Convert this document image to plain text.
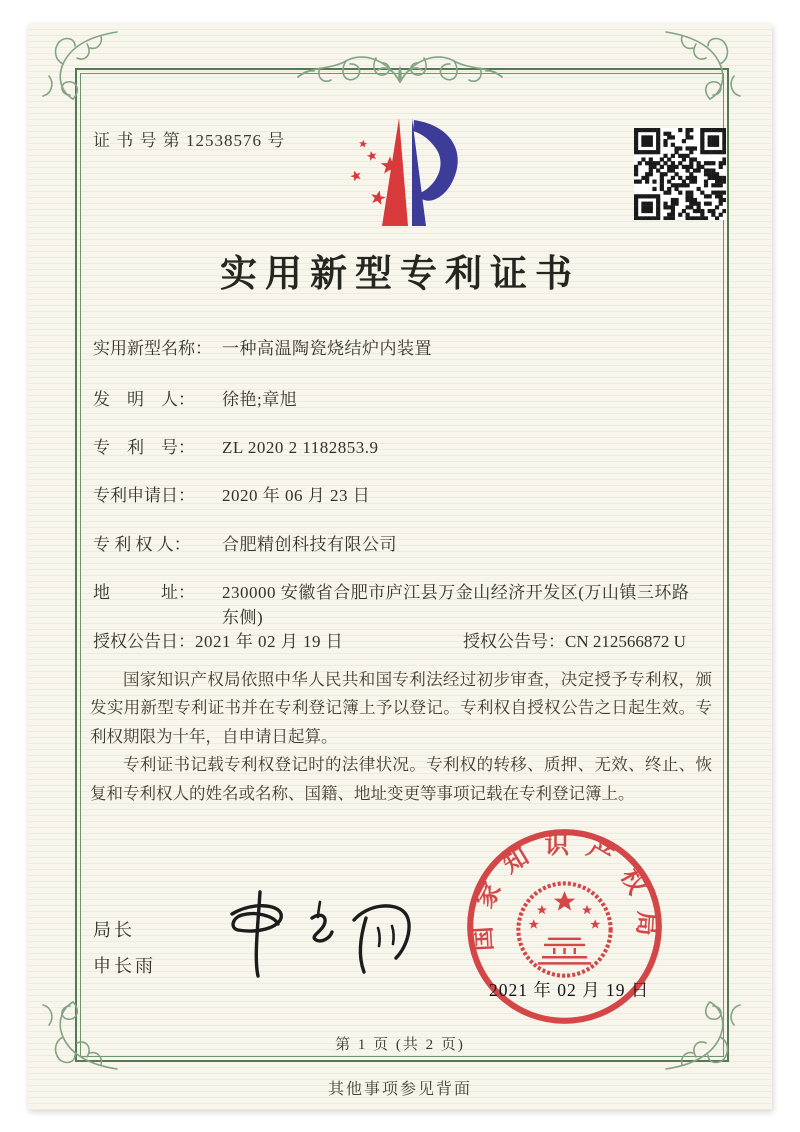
证 书 号 第 12538576 号
实用新型专利证书
实用新型名称： 一种高温陶瓷烧结炉内装置
发　明　人： 徐艳;章旭
专　利　号： ZL 2020 2 1182853.9
专利申请日： 2020 年 06 月 23 日
专 利 权 人： 合肥精创科技有限公司
地　　　址： 230000 安徽省合肥市庐江县万金山经济开发区(万山镇三环路东侧)
授权公告日：2021 年 02 月 19 日	授权公告号：CN 212566872 U

国家知识产权局依照中华人民共和国专利法经过初步审查，决定授予专利权，颁发实用新型专利证书并在专利登记簿上予以登记。专利权自授权公告之日起生效。专利权期限为十年，自申请日起算。

专利证书记载专利权登记时的法律状况。专利权的转移、质押、无效、终止、恢复和专利权人的姓名或名称、国籍、地址变更等事项记载在专利登记簿上。

局长
申长雨
国家知识产权局
2021 年 02 月 19 日
第 1 页 (共 2 页)
其他事项参见背面
